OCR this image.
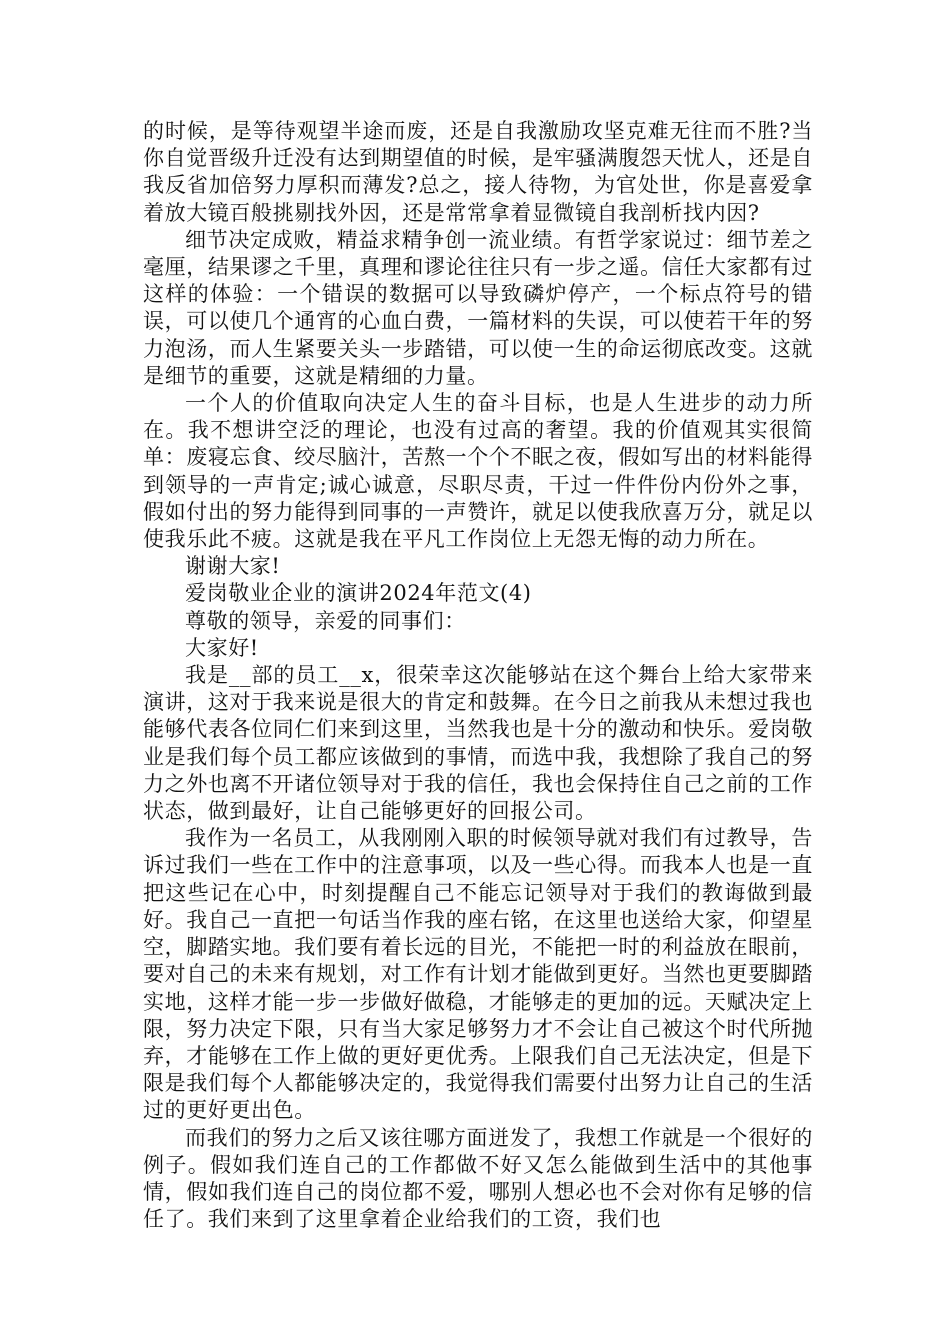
的时候，是等待观望半途而废，还是自我激励攻坚克难无往而不胜?当你自觉晋级升迁没有达到期望值的时候，是牢骚满腹怨天忧人，还是自我反省加倍努力厚积而薄发?总之，接人待物，为官处世，你是喜爱拿着放大镜百般挑剔找外因，还是常常拿着显微镜自我剖析找内因?

细节决定成败，精益求精争创一流业绩。有哲学家说过：细节差之毫厘，结果谬之千里，真理和谬论往往只有一步之遥。信任大家都有过这样的体验：一个错误的数据可以导致磷炉停产，一个标点符号的错误，可以使几个通宵的心血白费，一篇材料的失误，可以使若干年的努力泡汤，而人生紧要关头一步踏错，可以使一生的命运彻底改变。这就是细节的重要，这就是精细的力量。

一个人的价值取向决定人生的奋斗目标，也是人生进步的动力所在。我不想讲空泛的理论，也没有过高的奢望。我的价值观其实很简单：废寝忘食、绞尽脑汁，苦熬一个个不眠之夜，假如写出的材料能得到领导的一声肯定;诚心诚意，尽职尽责，干过一件件份内份外之事，假如付出的努力能得到同事的一声赞许，就足以使我欣喜万分，就足以使我乐此不疲。这就是我在平凡工作岗位上无怨无悔的动力所在。

谢谢大家!

爱岗敬业企业的演讲2024年范文(4)

尊敬的领导，亲爱的同事们：

大家好!

我是__部的员工__x，很荣幸这次能够站在这个舞台上给大家带来演讲，这对于我来说是很大的肯定和鼓舞。在今日之前我从未想过我也能够代表各位同仁们来到这里，当然我也是十分的激动和快乐。爱岗敬业是我们每个员工都应该做到的事情，而选中我，我想除了我自己的努力之外也离不开诸位领导对于我的信任，我也会保持住自己之前的工作状态，做到最好，让自己能够更好的回报公司。

我作为一名员工，从我刚刚入职的时候领导就对我们有过教导，告诉过我们一些在工作中的注意事项，以及一些心得。而我本人也是一直把这些记在心中，时刻提醒自己不能忘记领导对于我们的教诲做到最好。我自己一直把一句话当作我的座右铭，在这里也送给大家，仰望星空，脚踏实地。我们要有着长远的目光，不能把一时的利益放在眼前，要对自己的未来有规划，对工作有计划才能做到更好。当然也更要脚踏实地，这样才能一步一步做好做稳，才能够走的更加的远。天赋决定上限，努力决定下限，只有当大家足够努力才不会让自己被这个时代所抛弃，才能够在工作上做的更好更优秀。上限我们自己无法决定，但是下限是我们每个人都能够决定的，我觉得我们需要付出努力让自己的生活过的更好更出色。

而我们的努力之后又该往哪方面迸发了，我想工作就是一个很好的例子。假如我们连自己的工作都做不好又怎么能做到生活中的其他事情，假如我们连自己的岗位都不爱，哪别人想必也不会对你有足够的信任了。我们来到了这里拿着企业给我们的工资，我们也
